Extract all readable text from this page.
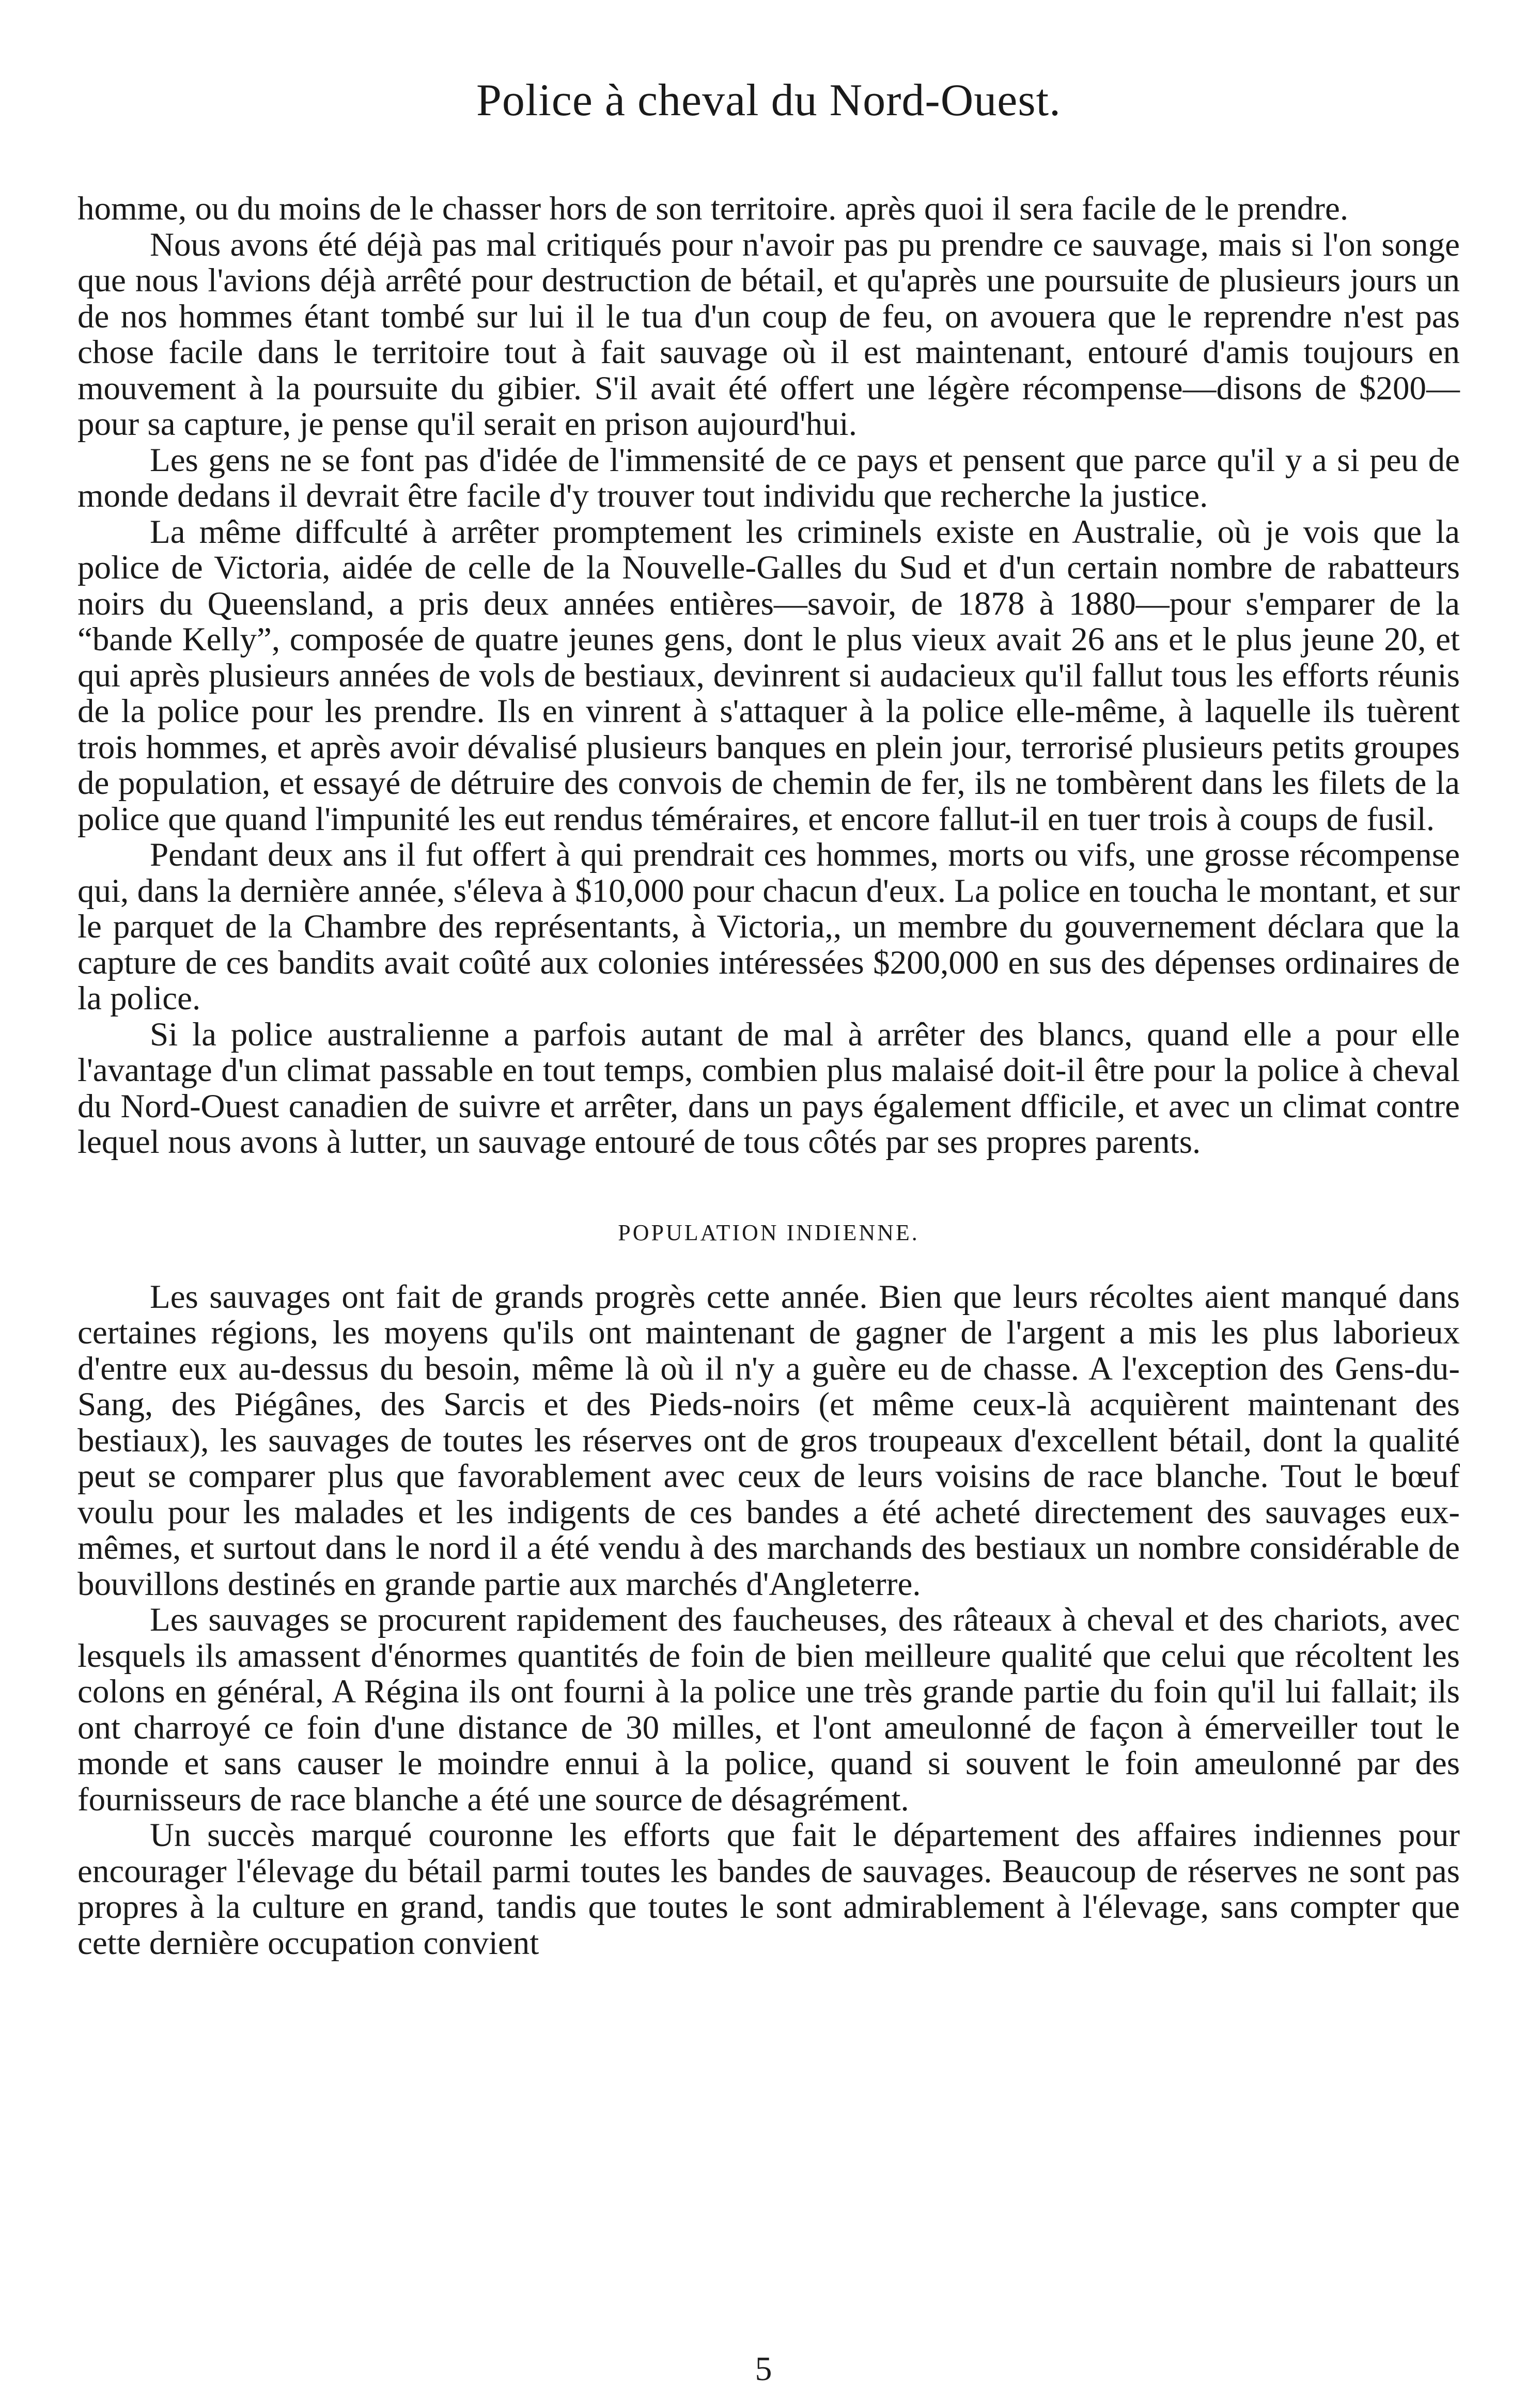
Police à cheval du Nord-Ouest.

homme, ou du moins de le chasser hors de son territoire. après quoi il sera facile de le prendre.

Nous avons été déjà pas mal critiqués pour n'avoir pas pu prendre ce sauvage, mais si l'on songe que nous l'avions déjà arrêté pour destruction de bétail, et qu'après une poursuite de plusieurs jours un de nos hommes étant tombé sur lui il le tua d'un coup de feu, on avouera que le reprendre n'est pas chose facile dans le territoire tout à fait sauvage où il est maintenant, entouré d'amis toujours en mouvement à la poursuite du gibier. S'il avait été offert une légère récompense—disons de $200—pour sa capture, je pense qu'il serait en prison aujourd'hui.

Les gens ne se font pas d'idée de l'immensité de ce pays et pensent que parce qu'il y a si peu de monde dedans il devrait être facile d'y trouver tout individu que recherche la justice.

La même diffculté à arrêter promptement les criminels existe en Australie, où je vois que la police de Victoria, aidée de celle de la Nouvelle-Galles du Sud et d'un certain nombre de rabatteurs noirs du Queensland, a pris deux années entières—savoir, de 1878 à 1880—pour s'emparer de la “bande Kelly”, composée de quatre jeunes gens, dont le plus vieux avait 26 ans et le plus jeune 20, et qui après plusieurs années de vols de bestiaux, devinrent si audacieux qu'il fallut tous les efforts réunis de la police pour les prendre. Ils en vinrent à s'attaquer à la police elle-même, à laquelle ils tuèrent trois hommes, et après avoir dévalisé plusieurs banques en plein jour, terrorisé plusieurs petits groupes de population, et essayé de détruire des convois de chemin de fer, ils ne tombèrent dans les filets de la police que quand l'impunité les eut rendus téméraires, et encore fallut-il en tuer trois à coups de fusil.

Pendant deux ans il fut offert à qui prendrait ces hommes, morts ou vifs, une grosse récompense qui, dans la dernière année, s'éleva à $10,000 pour chacun d'eux. La police en toucha le montant, et sur le parquet de la Chambre des représentants, à Victoria,, un membre du gouvernement déclara que la capture de ces bandits avait coûté aux colonies intéressées $200,000 en sus des dépenses ordinaires de la police.

Si la police australienne a parfois autant de mal à arrêter des blancs, quand elle a pour elle l'avantage d'un climat passable en tout temps, combien plus malaisé doit-il être pour la police à cheval du Nord-Ouest canadien de suivre et arrêter, dans un pays également dfficile, et avec un climat contre lequel nous avons à lutter, un sauvage entouré de tous côtés par ses propres parents.

POPULATION INDIENNE.

Les sauvages ont fait de grands progrès cette année. Bien que leurs récoltes aient manqué dans certaines régions, les moyens qu'ils ont maintenant de gagner de l'argent a mis les plus laborieux d'entre eux au-dessus du besoin, même là où il n'y a guère eu de chasse. A l'exception des Gens-du-Sang, des Piégânes, des Sarcis et des Pieds-noirs (et même ceux-là acquièrent maintenant des bestiaux), les sauvages de toutes les réserves ont de gros troupeaux d'excellent bétail, dont la qualité peut se comparer plus que favorablement avec ceux de leurs voisins de race blanche. Tout le bœuf voulu pour les malades et les indigents de ces bandes a été acheté directement des sauvages eux-mêmes, et surtout dans le nord il a été vendu à des marchands des bestiaux un nombre considérable de bouvillons destinés en grande partie aux marchés d'Angleterre.

Les sauvages se procurent rapidement des faucheuses, des râteaux à cheval et des chariots, avec lesquels ils amassent d'énormes quantités de foin de bien meilleure qualité que celui que récoltent les colons en général, A Régina ils ont fourni à la police une très grande partie du foin qu'il lui fallait; ils ont charroyé ce foin d'une distance de 30 milles, et l'ont ameulonné de façon à émerveiller tout le monde et sans causer le moindre ennui à la police, quand si souvent le foin ameulonné par des fournisseurs de race blanche a été une source de désagrément.

Un succès marqué couronne les efforts que fait le département des affaires indiennes pour encourager l'élevage du bétail parmi toutes les bandes de sauvages. Beaucoup de réserves ne sont pas propres à la culture en grand, tandis que toutes le sont admirablement à l'élevage, sans compter que cette dernière occupation convient

5
